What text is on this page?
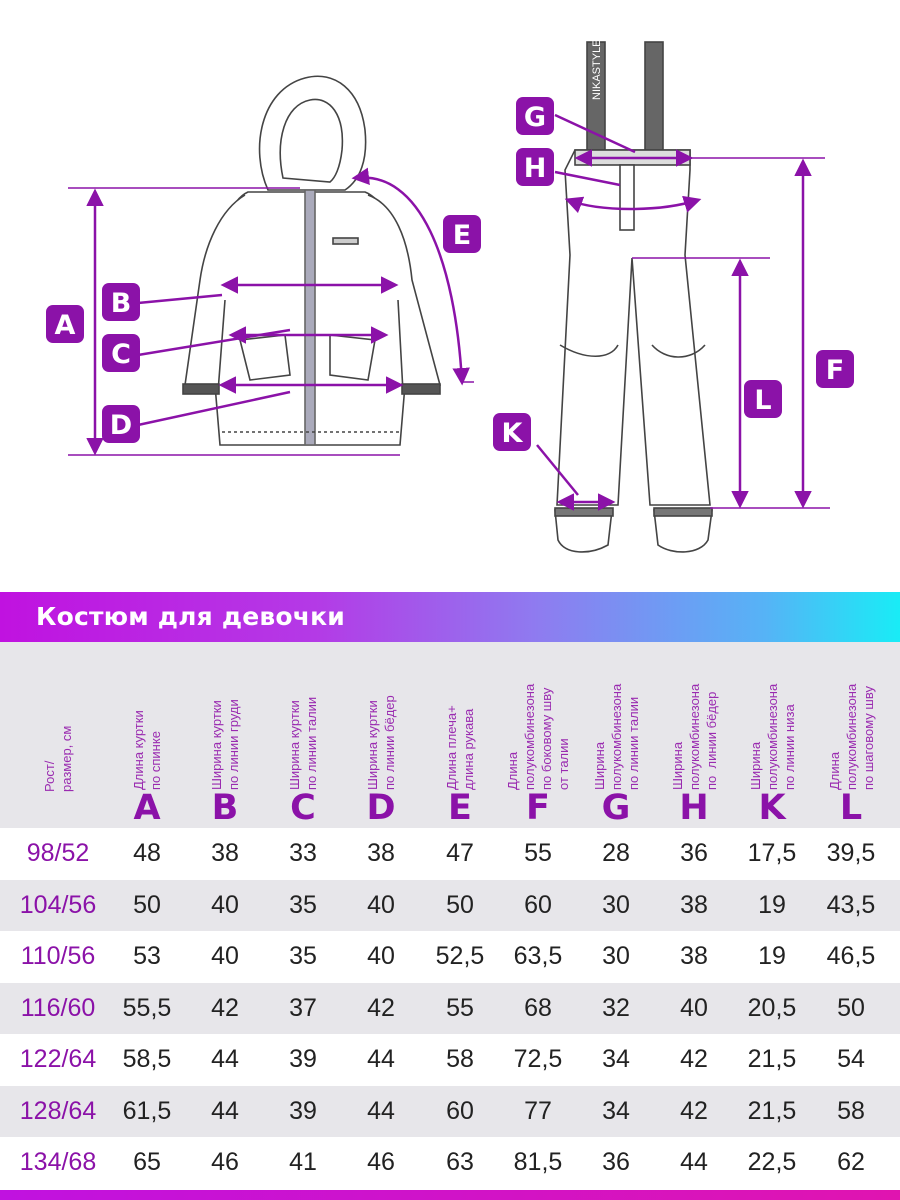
NIKASTYLE
A
B
C
D
E
G
H
K
L
F
Костюм для девочки
Рост/
размер, см
Длина куртки
по спинке
A
Ширина куртки
по линии груди
B
Ширина куртки
по линии талии
C
Ширина куртки
по линии бёдер
D
Длина плеча+
длина рукава
E
Длина
полукомбинезона
по боковому шву
от талии
F
Ширина
полукомбинезона
по линии талии
G
Ширина
полукомбинезона
по  линии бёдер
H
Ширина
полукомбинезона
по линии низа
K
Длина
полукомбинезона
по шаговому шву
L
98/52	48	38	33	38	47	55	28	36	17,5	39,5
104/56	50	40	35	40	50	60	30	38	19	43,5
110/56	53	40	35	40	52,5	63,5	30	38	19	46,5
116/60	55,5	42	37	42	55	68	32	40	20,5	50
122/64	58,5	44	39	44	58	72,5	34	42	21,5	54
128/64	61,5	44	39	44	60	77	34	42	21,5	58
134/68	65	46	41	46	63	81,5	36	44	22,5	62
